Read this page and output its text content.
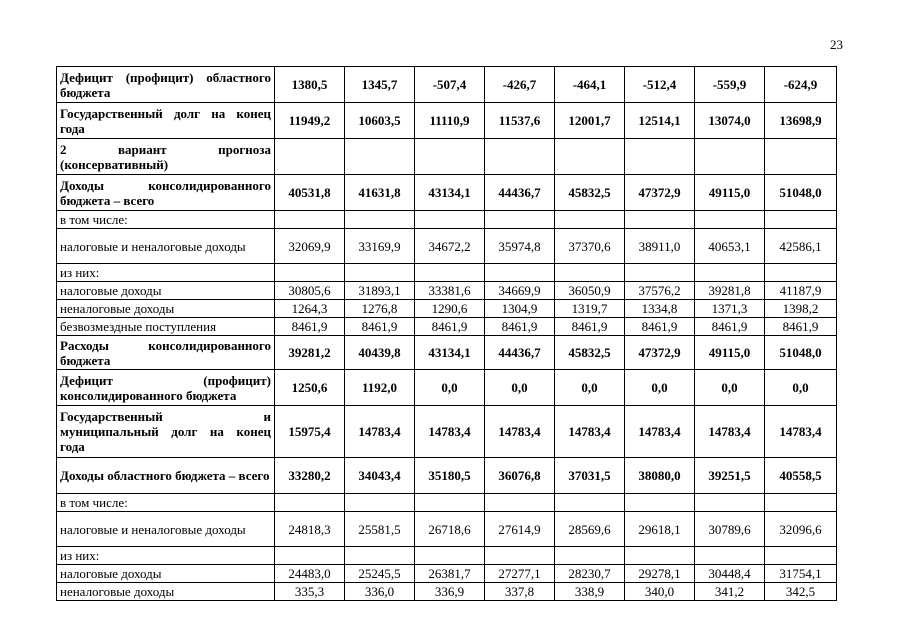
23
Дефицит (профицит) областного бюджета	1380,5	1345,7	-507,4	-426,7	-464,1	-512,4	-559,9	-624,9
Государственный долг на конец года	11949,2	10603,5	11110,9	11537,6	12001,7	12514,1	13074,0	13698,9
2 вариант прогноза (консервативный)								
Доходы консолидированного бюджета – всего	40531,8	41631,8	43134,1	44436,7	45832,5	47372,9	49115,0	51048,0
в том числе:								
налоговые и неналоговые доходы	32069,9	33169,9	34672,2	35974,8	37370,6	38911,0	40653,1	42586,1
из них:								
налоговые доходы	30805,6	31893,1	33381,6	34669,9	36050,9	37576,2	39281,8	41187,9
неналоговые доходы	1264,3	1276,8	1290,6	1304,9	1319,7	1334,8	1371,3	1398,2
безвозмездные поступления	8461,9	8461,9	8461,9	8461,9	8461,9	8461,9	8461,9	8461,9
Расходы консолидированного бюджета	39281,2	40439,8	43134,1	44436,7	45832,5	47372,9	49115,0	51048,0
Дефицит (профицит) консолидированного бюджета	1250,6	1192,0	0,0	0,0	0,0	0,0	0,0	0,0
Государственный и муниципальный долг на конец года	15975,4	14783,4	14783,4	14783,4	14783,4	14783,4	14783,4	14783,4
Доходы областного бюджета – всего	33280,2	34043,4	35180,5	36076,8	37031,5	38080,0	39251,5	40558,5
в том числе:								
налоговые и неналоговые доходы	24818,3	25581,5	26718,6	27614,9	28569,6	29618,1	30789,6	32096,6
из них:								
налоговые доходы	24483,0	25245,5	26381,7	27277,1	28230,7	29278,1	30448,4	31754,1
неналоговые доходы	335,3	336,0	336,9	337,8	338,9	340,0	341,2	342,5
